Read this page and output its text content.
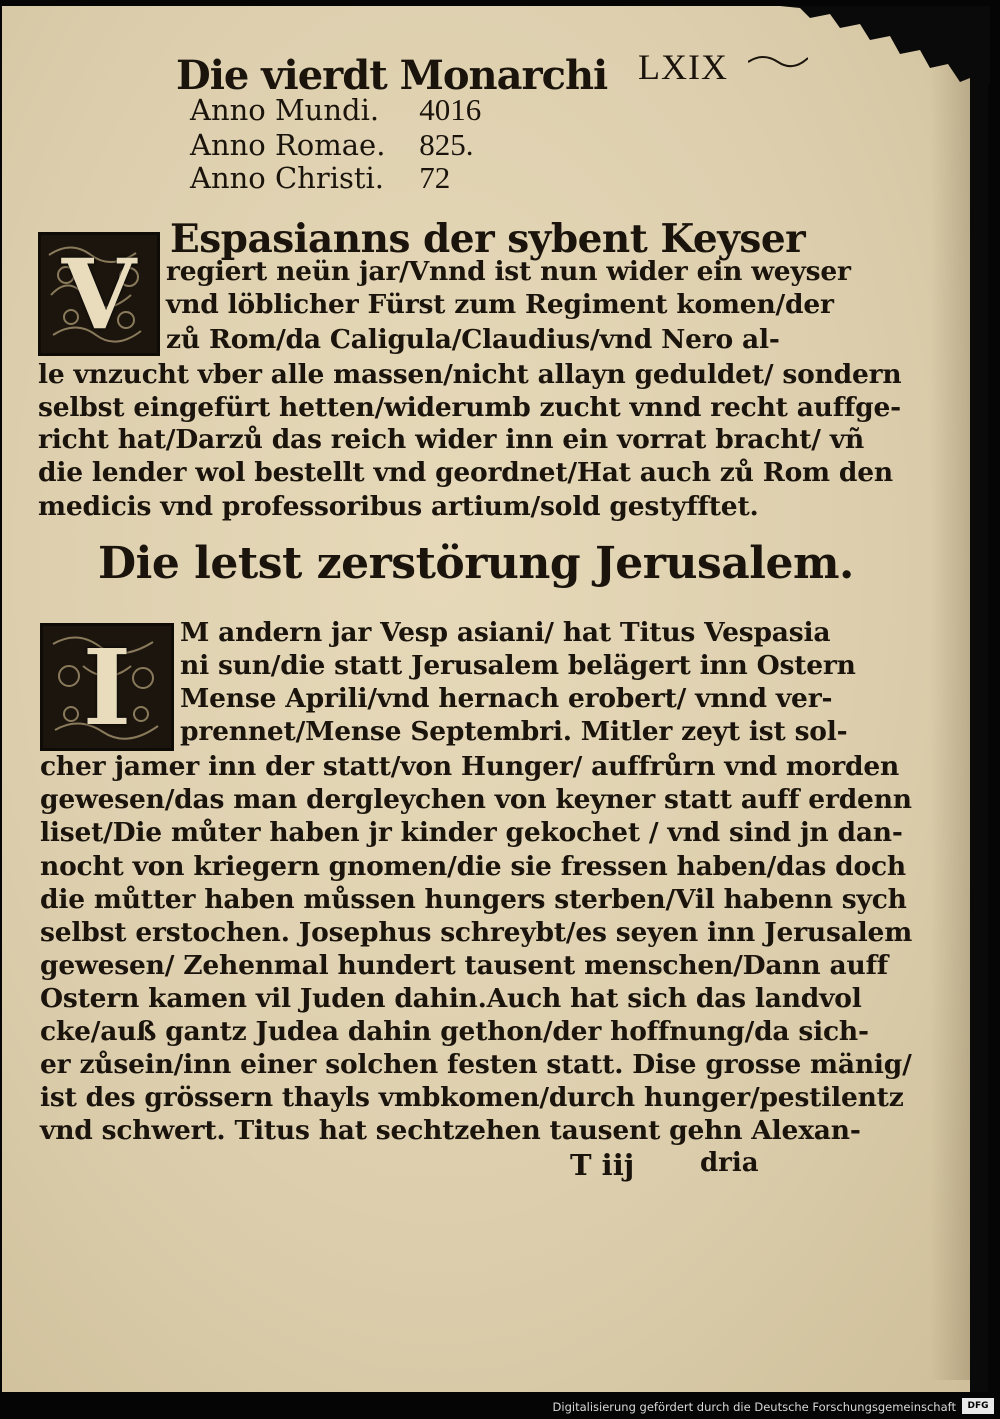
Die vierdt Monarchi LXIX
Anno Mundi. 4016
Anno Romae. 825.
Anno Christi. 72
V Espasianns der sybent Keyser
regiert neün jar/Vnnd ist nun wider ein weyser
vnd löblicher Fürst zum Regiment komen/der
zů Rom/da Caligula/Claudius/vnd Nero al-
le vnzucht vber alle massen/nicht allayn geduldet/ sondern
selbst eingefürt hetten/widerumb zucht vnnd recht auffge-
richt hat/Darzů das reich wider inn ein vorrat bracht/ vñ
die lender wol bestellt vnd geordnet/Hat auch zů Rom den
medicis vnd professoribus artium/sold gestyfftet.
Die letst zerstörung Jerusalem.
I	M andern jar Vesp asiani/ hat Titus Vespasia
ni sun/die statt Jerusalem belägert inn Ostern
Mense Aprili/vnd hernach erobert/ vnnd ver-
prennet/Mense Septembri. Mitler zeyt ist sol-
cher jamer inn der statt/von Hunger/ auffrůrn vnd morden
gewesen/das man dergleychen von keyner statt auff erdenn
liset/Die můter haben jr kinder gekochet / vnd sind jn dan-
nocht von kriegern gnomen/die sie fressen haben/das doch
die můtter haben můssen hungers sterben/Vil habenn sych
selbst erstochen. Josephus schreybt/es seyen inn Jerusalem
gewesen/ Zehenmal hundert tausent menschen/Dann auff
Ostern kamen vil Juden dahin.Auch hat sich das landvol
cke/auß gantz Judea dahin gethon/der hoffnung/da sich-
er zůsein/inn einer solchen festen statt. Dise grosse mänig/
ist des grössern thayls vmbkomen/durch hunger/pestilentz
vnd schwert. Titus hat sechtzehen tausent gehn Alexan-
T iij	dria
Digitalisierung gefördert durch die Deutsche Forschungsgemeinschaft	DFG
